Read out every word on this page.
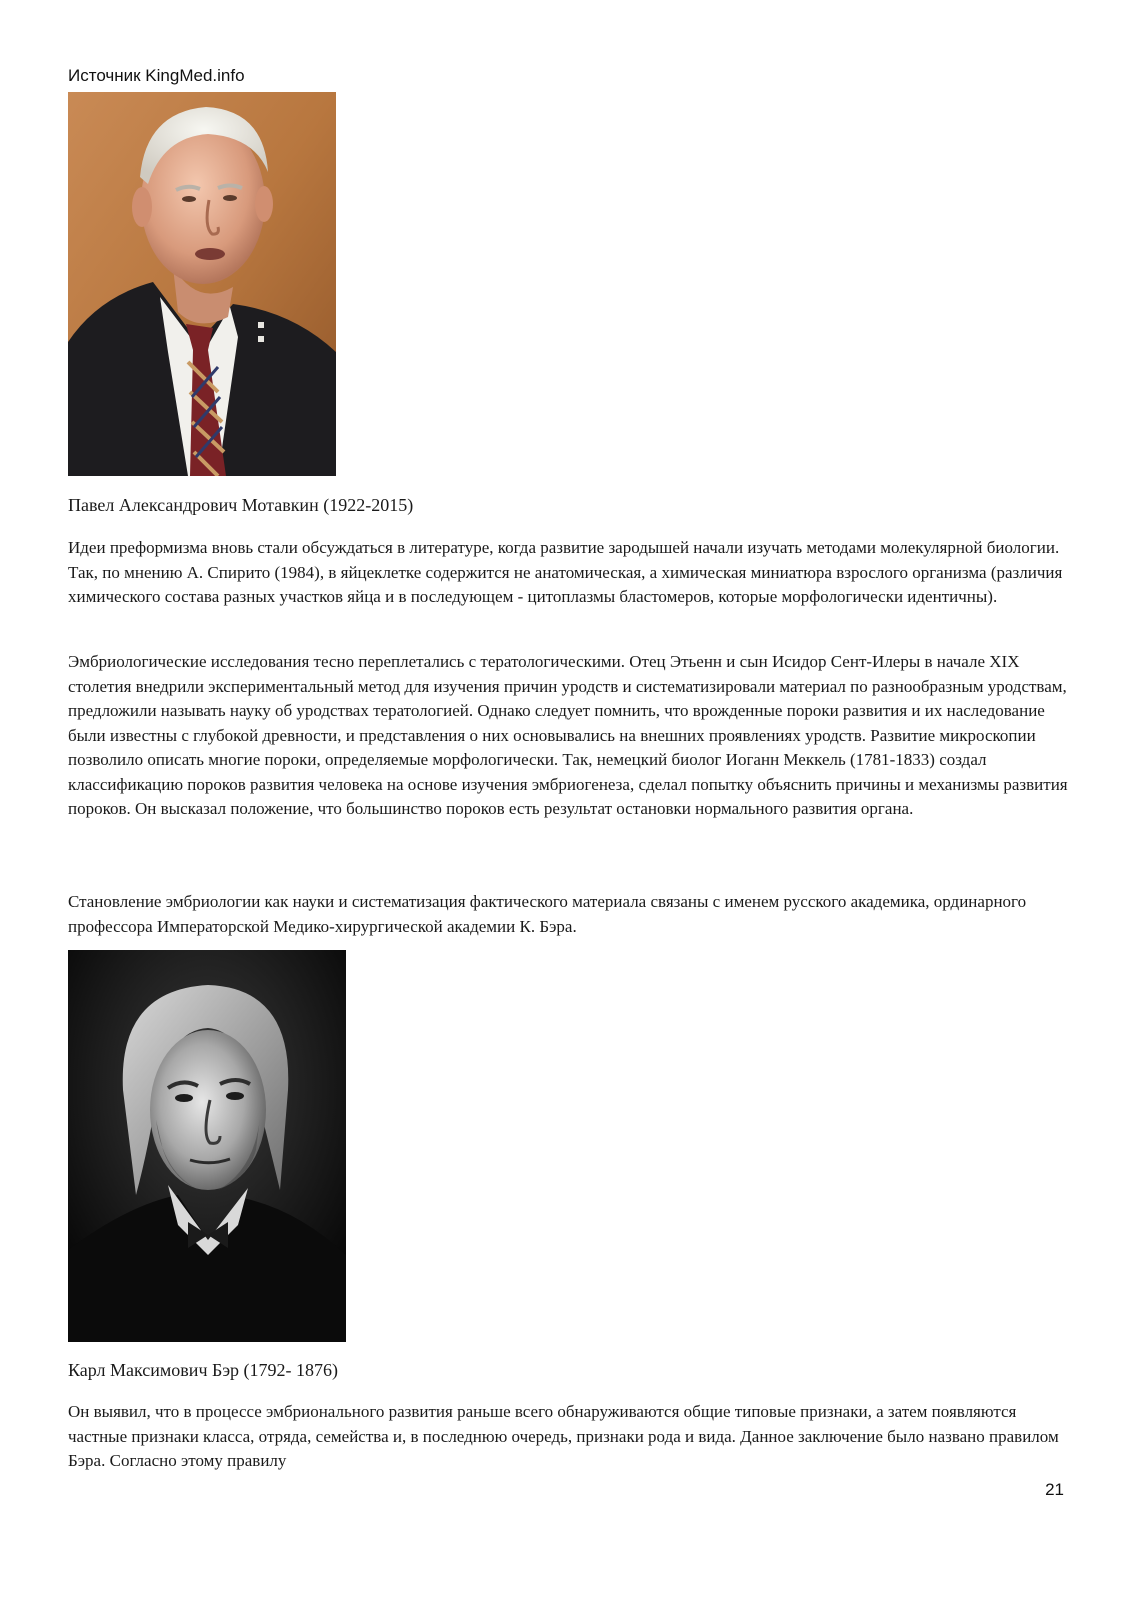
Источник KingMed.info
Павел Александрович Мотавкин (1922-2015)

Идеи преформизма вновь стали обсуждаться в литературе, когда развитие зародышей начали изучать методами молекулярной биологии. Так, по мнению А. Спирито (1984), в яйцеклетке содержится не анатомическая, а химическая миниатюра взрослого организма (различия химического состава разных участков яйца и в последующем - цитоплазмы бластомеров, которые морфологически идентичны).

Эмбриологические исследования тесно переплетались с тератологическими. Отец Этьенн и сын Исидор Сент-Илеры в начале XIX столетия внедрили экспериментальный метод для изучения причин уродств и систематизировали материал по разнообразным уродствам, предложили называть науку об уродствах тератологией. Однако следует помнить, что врожденные пороки развития и их наследование были известны с глубокой древности, и представления о них основывались на внешних проявлениях уродств. Развитие микроскопии позволило описать многие пороки, определяемые морфологически. Так, немецкий биолог Иоганн Меккель (1781-1833) создал классификацию пороков развития человека на основе изучения эмбриогенеза, сделал попытку объяснить причины и механизмы развития пороков. Он высказал положение, что большинство пороков есть результат остановки нормального развития органа.

Становление эмбриологии как науки и систематизация фактического материала связаны с именем русского академика, ординарного профессора Императорской Медико-хирургической академии К. Бэра.

Карл Максимович Бэр (1792- 1876)

Он выявил, что в процессе эмбрионального развития раньше всего обнаруживаются общие типовые признаки, а затем появляются частные признаки класса, отряда, семейства и, в последнюю очередь, признаки рода и вида. Данное заключение было названо правилом Бэра. Согласно этому правилу

21
